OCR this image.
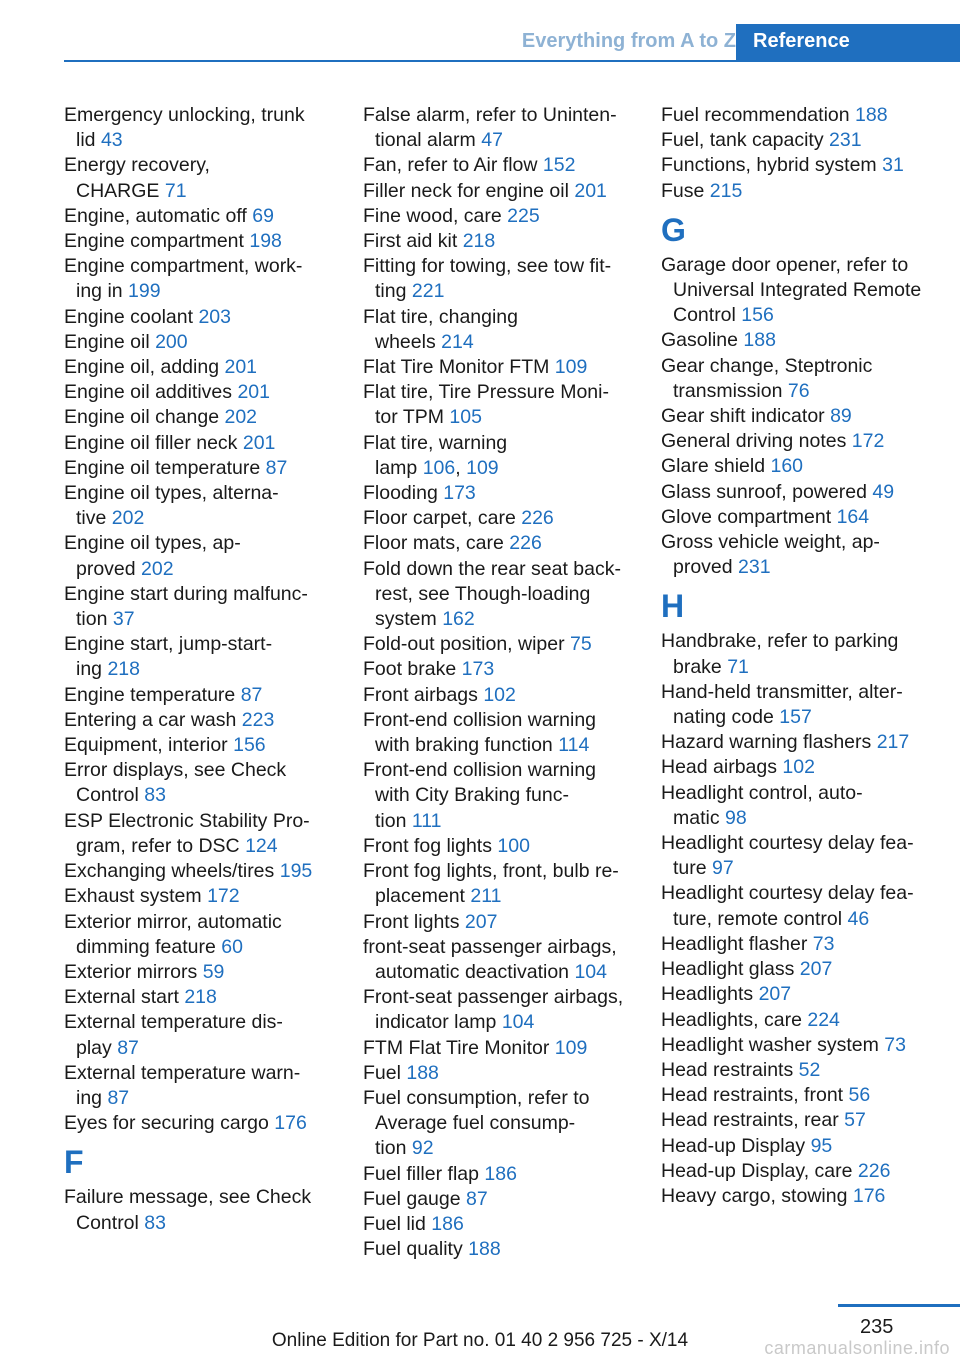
Everything from A to Z Reference
Emergency unlocking, trunk
lid 43
Energy recovery,
CHARGE 71
Engine, automatic off 69
Engine compartment 198
Engine compartment, work-
ing in 199
Engine coolant 203
Engine oil 200
Engine oil, adding 201
Engine oil additives 201
Engine oil change 202
Engine oil filler neck 201
Engine oil temperature 87
Engine oil types, alterna-
tive 202
Engine oil types, ap-
proved 202
Engine start during malfunc-
tion 37
Engine start, jump-start-
ing 218
Engine temperature 87
Entering a car wash 223
Equipment, interior 156
Error displays, see Check
Control 83
ESP Electronic Stability Pro-
gram, refer to DSC 124
Exchanging wheels/tires 195
Exhaust system 172
Exterior mirror, automatic
dimming feature 60
Exterior mirrors 59
External start 218
External temperature dis-
play 87
External temperature warn-
ing 87
Eyes for securing cargo 176
F
Failure message, see Check
Control 83
False alarm, refer to Uninten-
tional alarm 47
Fan, refer to Air flow 152
Filler neck for engine oil 201
Fine wood, care 225
First aid kit 218
Fitting for towing, see tow fit-
ting 221
Flat tire, changing
wheels 214
Flat Tire Monitor FTM 109
Flat tire, Tire Pressure Moni-
tor TPM 105
Flat tire, warning
lamp 106, 109
Flooding 173
Floor carpet, care 226
Floor mats, care 226
Fold down the rear seat back-
rest, see Though-loading
system 162
Fold-out position, wiper 75
Foot brake 173
Front airbags 102
Front-end collision warning
with braking function 114
Front-end collision warning
with City Braking func-
tion 111
Front fog lights 100
Front fog lights, front, bulb re-
placement 211
Front lights 207
front-seat passenger airbags,
automatic deactivation 104
Front-seat passenger airbags,
indicator lamp 104
FTM Flat Tire Monitor 109
Fuel 188
Fuel consumption, refer to
Average fuel consump-
tion 92
Fuel filler flap 186
Fuel gauge 87
Fuel lid 186
Fuel quality 188
Fuel recommendation 188
Fuel, tank capacity 231
Functions, hybrid system 31
Fuse 215
G
Garage door opener, refer to
Universal Integrated Remote
Control 156
Gasoline 188
Gear change, Steptronic
transmission 76
Gear shift indicator 89
General driving notes 172
Glare shield 160
Glass sunroof, powered 49
Glove compartment 164
Gross vehicle weight, ap-
proved 231
H
Handbrake, refer to parking
brake 71
Hand-held transmitter, alter-
nating code 157
Hazard warning flashers 217
Head airbags 102
Headlight control, auto-
matic 98
Headlight courtesy delay fea-
ture 97
Headlight courtesy delay fea-
ture, remote control 46
Headlight flasher 73
Headlight glass 207
Headlights 207
Headlights, care 224
Headlight washer system 73
Head restraints 52
Head restraints, front 56
Head restraints, rear 57
Head-up Display 95
Head-up Display, care 226
Heavy cargo, stowing 176
235
Online Edition for Part no. 01 40 2 956 725 - X/14	carmanualsonline.info
